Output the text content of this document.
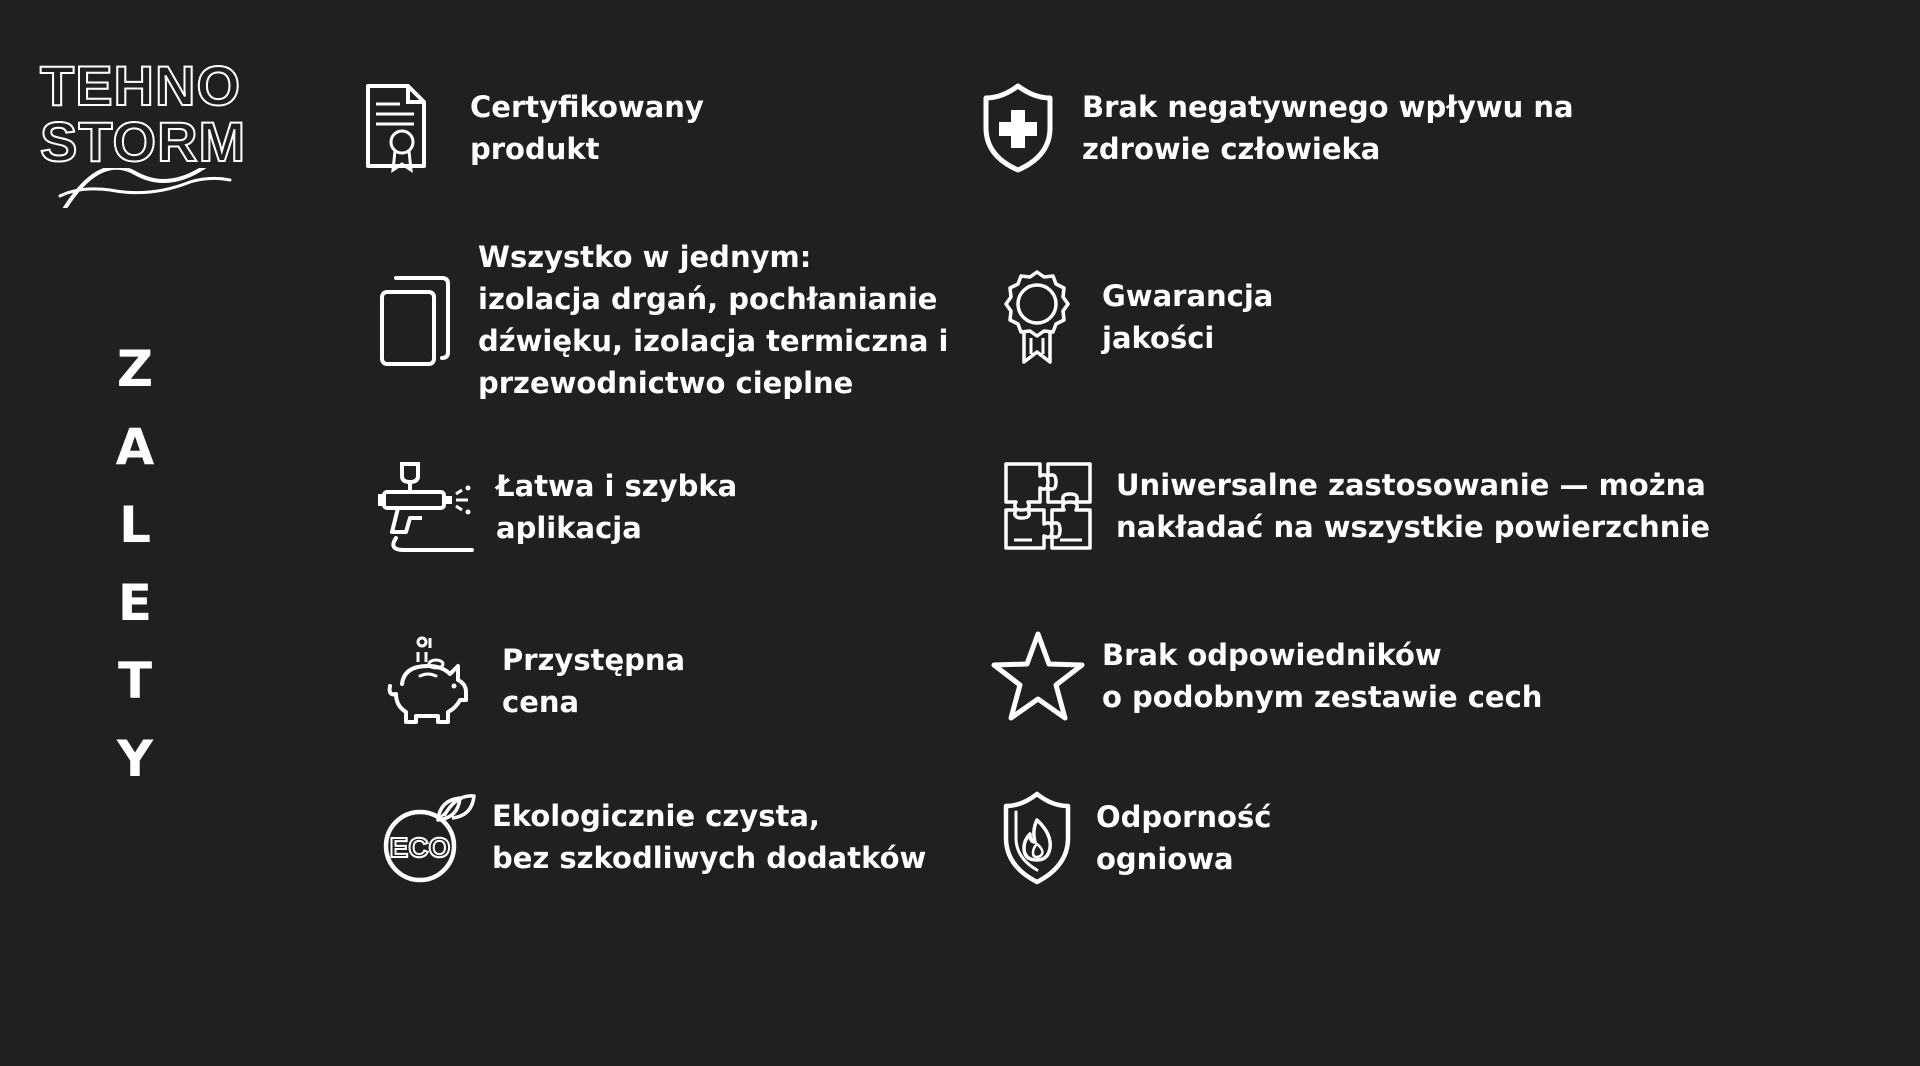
TEHNO
STORM
Z
A
L
E
T
Y
Certyfikowany
produkt
Brak negatywnego wpływu na
zdrowie człowieka
Wszystko w jednym:
izolacja drgań, pochłanianie
dźwięku, izolacja termiczna i
przewodnictwo cieplne
Gwarancja
jakości
Łatwa i szybka
aplikacja
Uniwersalne zastosowanie — można
nakładać na wszystkie powierzchnie
Przystępna
cena
Brak odpowiedników
o podobnym zestawie cech
ECO
Ekologicznie czysta,
bez szkodliwych dodatków
Odporność
ogniowa
